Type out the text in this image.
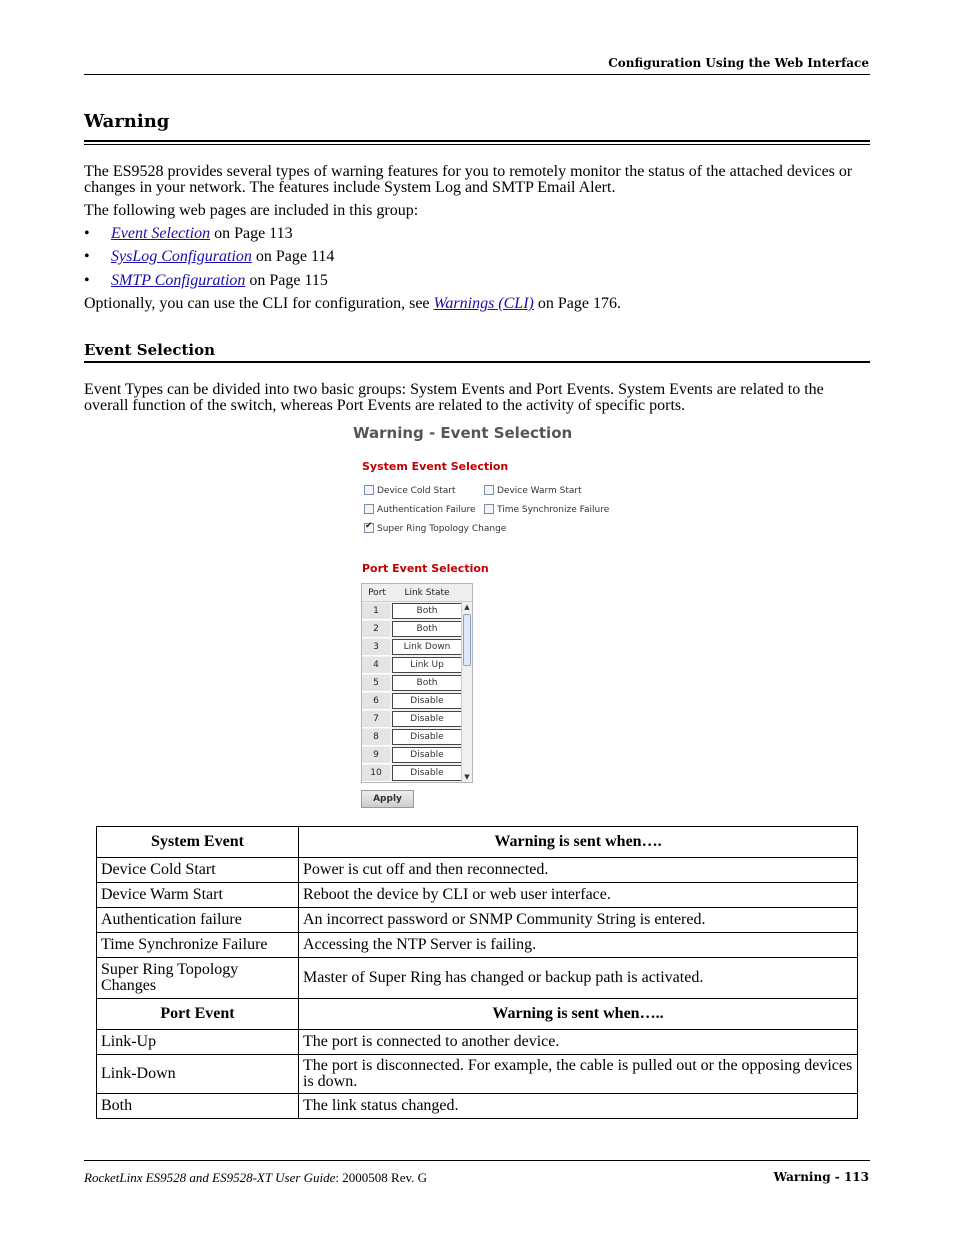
Configuration Using the Web Interface
Warning
The ES9528 provides several types of warning features for you to remotely monitor the status of the attached devices or changes in your network. The features include System Log and SMTP Email Alert.
The following web pages are included in this group:
• Event Selection on Page 113
• SysLog Configuration on Page 114
• SMTP Configuration on Page 115
Optionally, you can use the CLI for configuration, see Warnings (CLI) on Page 176.
Event Selection
Event Types can be divided into two basic groups: System Events and Port Events. System Events are related to the overall function of the switch, whereas Port Events are related to the activity of specific ports.
Warning - Event Selection
System Event Selection
Device Cold Start	Device Warm Start
Authentication Failure	Time Synchronize Failure
✔Super Ring Topology Change
Port Event Selection
Port	Link State
1	Both
2	Both
3	Link Down
4	Link Up
5	Both
6	Disable
7	Disable
8	Disable
9	Disable
10	Disable
▲
▼
Apply
System Event	Warning is sent when….
Device Cold Start	Power is cut off and then reconnected.
Device Warm Start	Reboot the device by CLI or web user interface.
Authentication failure	An incorrect password or SNMP Community String is entered.
Time Synchronize Failure	Accessing the NTP Server is failing.
Super Ring Topology Changes	Master of Super Ring has changed or backup path is activated.
Port Event	Warning is sent when…..
Link-Up	The port is connected to another device.
Link-Down	The port is disconnected. For example, the cable is pulled out or the opposing devices is down.
Both	The link status changed.
RocketLinx ES9528 and ES9528-XT User Guide: 2000508 Rev. G	Warning - 113
